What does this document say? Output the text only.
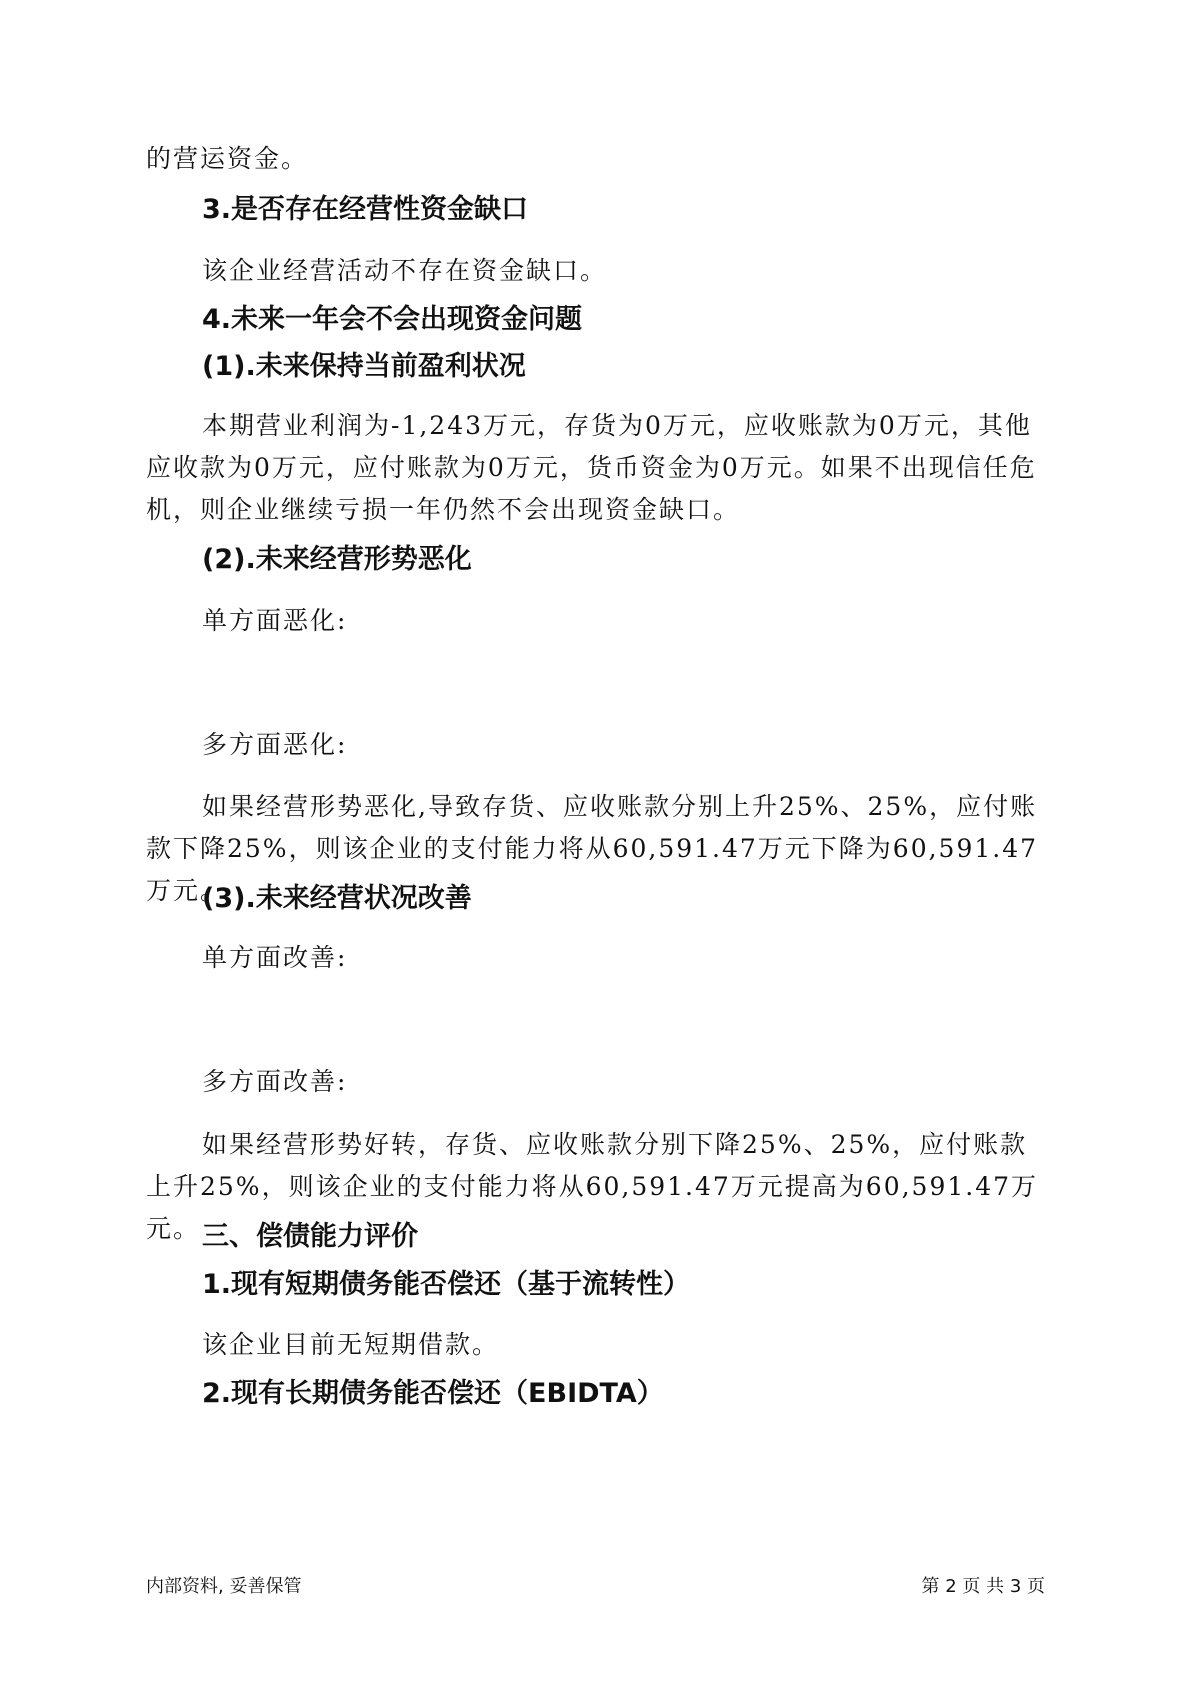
的营运资金。

3.是否存在经营性资金缺口

该企业经营活动不存在资金缺口。

4.未来一年会不会出现资金问题
(1).未来保持当前盈利状况

本期营业利润为-1,243万元，存货为0万元，应收账款为0万元，其他应收款为0万元，应付账款为0万元，货币资金为0万元。如果不出现信任危机，则企业继续亏损一年仍然不会出现资金缺口。

(2).未来经营形势恶化

单方面恶化:

多方面恶化:

如果经营形势恶化,导致存货、应收账款分别上升25%、25%，应付账款下降25%，则该企业的支付能力将从60,591.47万元下降为60,591.47万元。

(3).未来经营状况改善

单方面改善:

多方面改善:

如果经营形势好转，存货、应收账款分别下降25%、25%，应付账款上升25%，则该企业的支付能力将从60,591.47万元提高为60,591.47万元。 三、偿债能力评价
1.现有短期债务能否偿还（基于流转性）

该企业目前无短期借款。

2.现有长期债务能否偿还（EBIDTA）
内部资料, 妥善保管	第 2 页 共 3 页
